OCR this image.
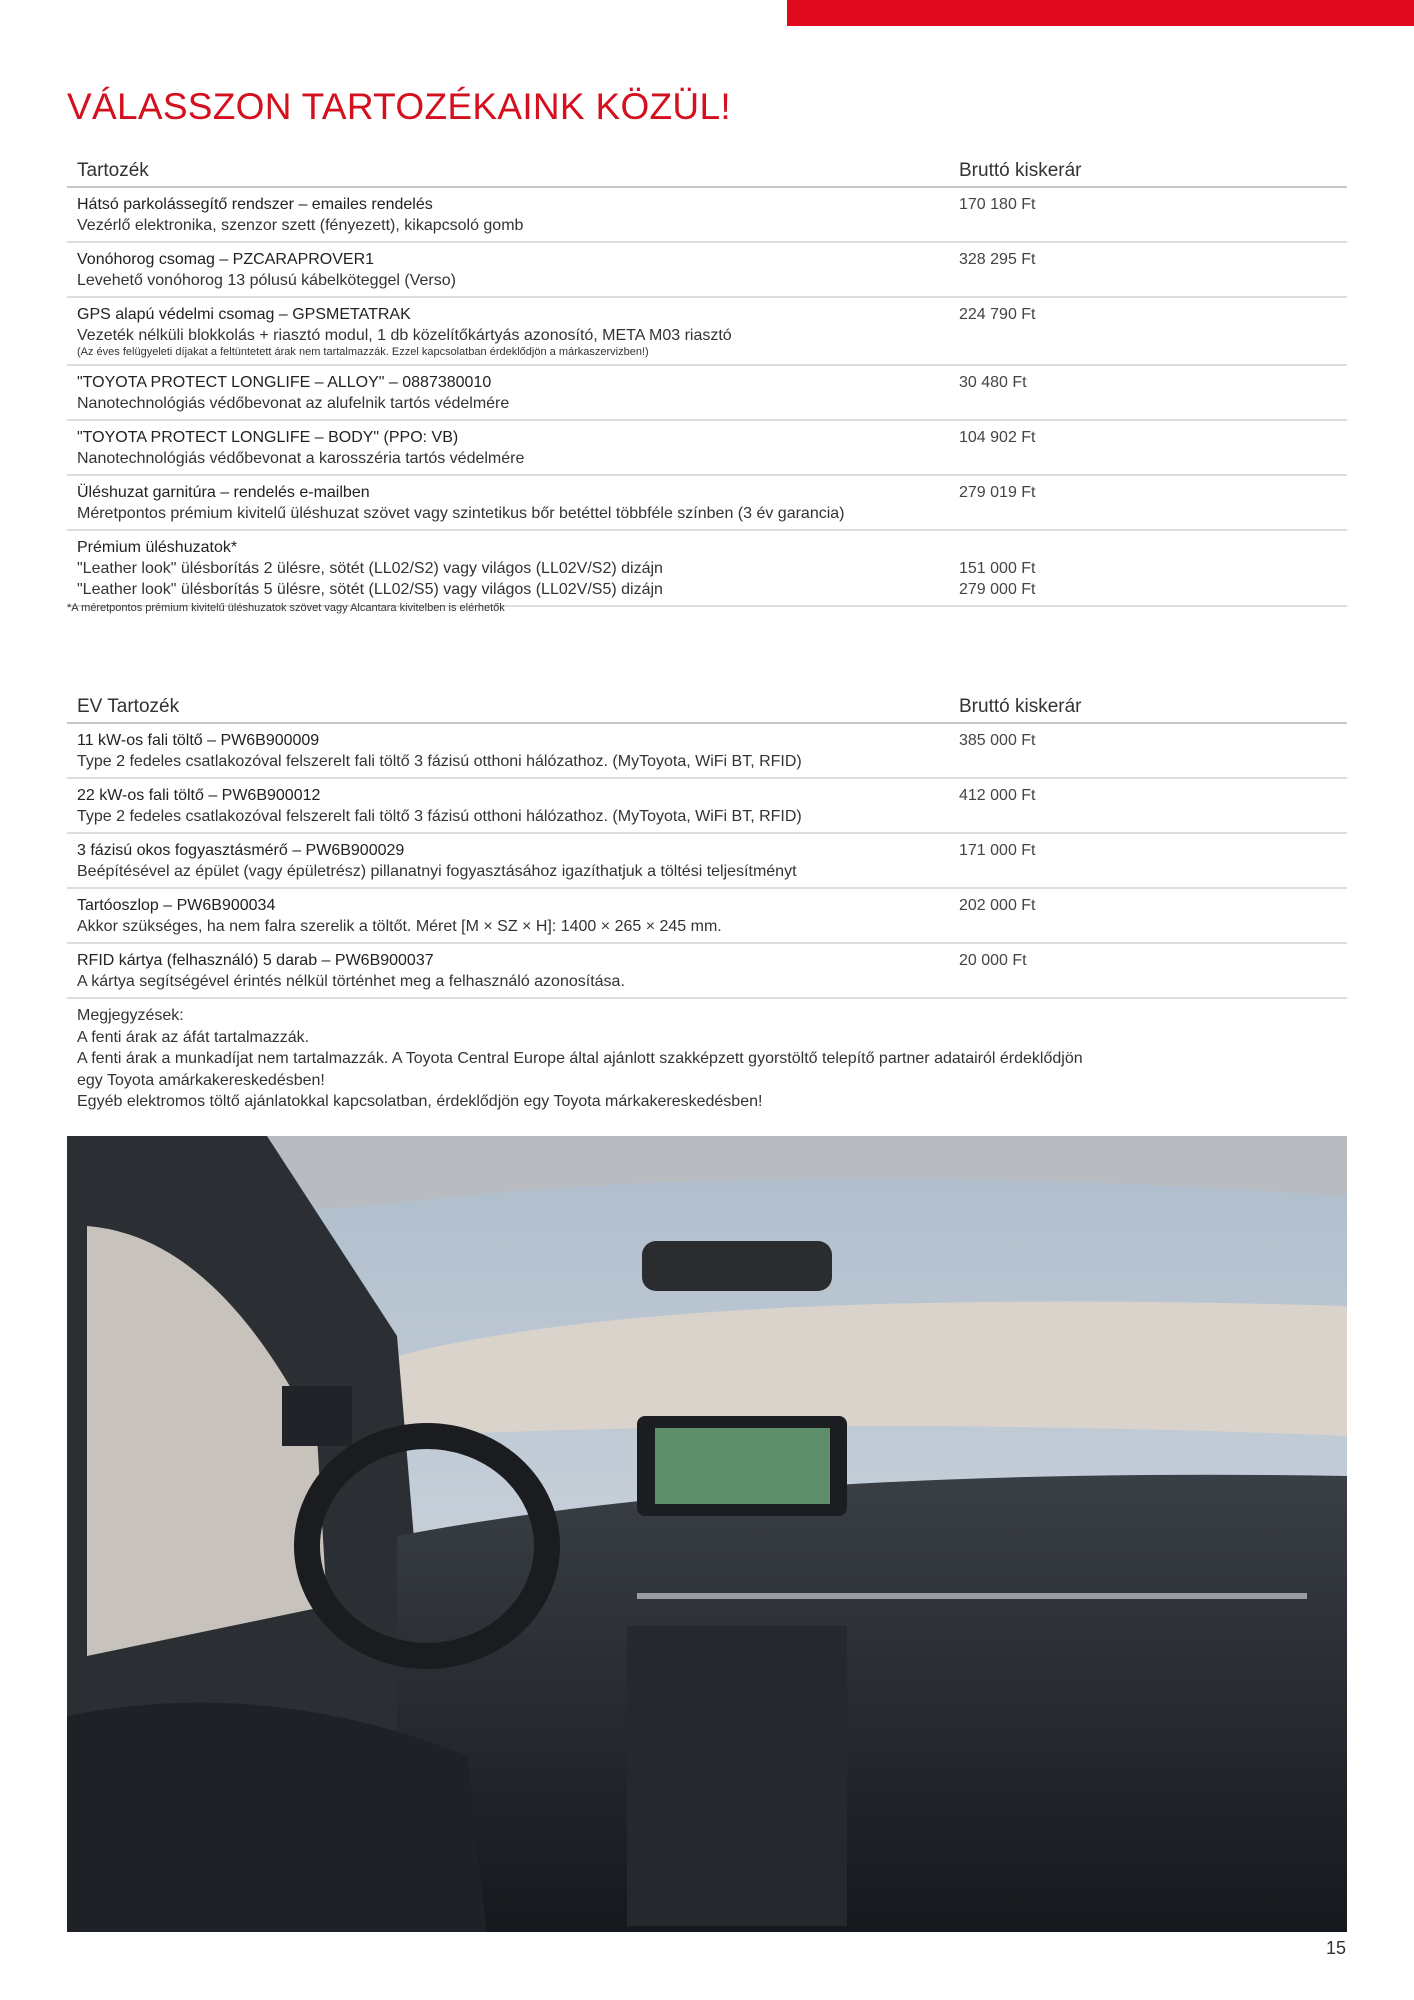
VÁLASSZON TARTOZÉKAINK KÖZÜL!
Tartozék	Bruttó kiskerár
Hátsó parkolássegítő rendszer – emailes rendelés
Vezérlő elektronika, szenzor szett (fényezett), kikapcsoló gomb
170 180 Ft
Vonóhorog csomag – PZCARAPROVER1
Levehető vonóhorog 13 pólusú kábelköteggel (Verso)
328 295 Ft
GPS alapú védelmi csomag – GPSMETATRAK
Vezeték nélküli blokkolás + riasztó modul, 1 db közelítőkártyás azonosító, META M03 riasztó
(Az éves felügyeleti díjakat a feltüntetett árak nem tartalmazzák. Ezzel kapcsolatban érdeklődjön a márkaszervizben!)
224 790 Ft
"TOYOTA PROTECT LONGLIFE – ALLOY" – 0887380010
Nanotechnológiás védőbevonat az alufelnik tartós védelmére
30 480 Ft
"TOYOTA PROTECT LONGLIFE – BODY" (PPO: VB)
Nanotechnológiás védőbevonat a karosszéria tartós védelmére
104 902 Ft
Üléshuzat garnitúra – rendelés e-mailben
Méretpontos prémium kivitelű üléshuzat szövet vagy szintetikus bőr betéttel többféle színben (3 év garancia)
279 019 Ft
Prémium üléshuzatok*
"Leather look" ülésborítás 2 ülésre, sötét (LL02/S2) vagy világos (LL02V/S2) dizájn
"Leather look" ülésborítás 5 ülésre, sötét (LL02/S5) vagy világos (LL02V/S5) dizájn

151 000 Ft
279 000 Ft
*A méretpontos prémium kivitelű üléshuzatok szövet vagy Alcantara kivitelben is elérhetők
EV Tartozék	Bruttó kiskerár
11 kW-os fali töltő – PW6B900009
Type 2 fedeles csatlakozóval felszerelt fali töltő 3 fázisú otthoni hálózathoz. (MyToyota, WiFi BT, RFID)
385 000 Ft
22 kW-os fali töltő – PW6B900012
Type 2 fedeles csatlakozóval felszerelt fali töltő 3 fázisú otthoni hálózathoz. (MyToyota, WiFi BT, RFID)
412 000 Ft
3 fázisú okos fogyasztásmérő – PW6B900029
Beépítésével az épület (vagy épületrész) pillanatnyi fogyasztásához igazíthatjuk a töltési teljesítményt
171 000 Ft
Tartóoszlop – PW6B900034
Akkor szükséges, ha nem falra szerelik a töltőt. Méret [M × SZ × H]: 1400 × 265 × 245 mm.
202 000 Ft
RFID kártya (felhasználó) 5 darab – PW6B900037
A kártya segítségével érintés nélkül történhet meg a felhasználó azonosítása.
20 000 Ft
Megjegyzések:
A fenti árak az áfát tartalmazzák.
A fenti árak a munkadíjat nem tartalmazzák. A Toyota Central Europe által ajánlott szakképzett gyorstöltő telepítő partner adatairól érdeklődjön
egy Toyota amárkakereskedésben!
Egyéb elektromos töltő ajánlatokkal kapcsolatban, érdeklődjön egy Toyota márkakereskedésben!
15
